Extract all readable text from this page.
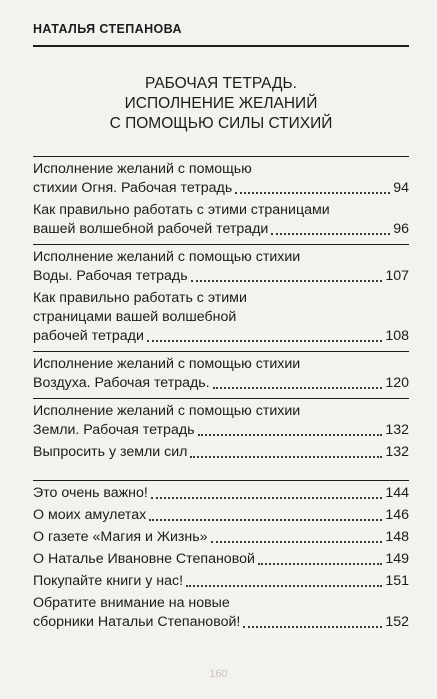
НАТАЛЬЯ СТЕПАНОВА
РАБОЧАЯ ТЕТРАДЬ.
ИСПОЛНЕНИЕ ЖЕЛАНИЙ
С ПОМОЩЬЮ СИЛЫ СТИХИЙ
Исполнение желаний с помощью
стихии Огня. Рабочая тетрадь	94
Как правильно работать с этими страницами
вашей волшебной рабочей тетради	96
Исполнение желаний с помощью стихии
Воды. Рабочая тетрадь	107
Как правильно работать с этими
страницами вашей волшебной
рабочей тетради	108
Исполнение желаний с помощью стихии
Воздуха. Рабочая тетрадь.	120
Исполнение желаний с помощью стихии
Земли. Рабочая тетрадь	132
Выпросить у земли сил	132
Это очень важно!	144
О моих амулетах	146
О газете «Магия и Жизнь»	148
О Наталье Ивановне Степановой	149
Покупайте книги у нас!	151
Обратите внимание на новые
сборники Натальи Степановой!	152
160
